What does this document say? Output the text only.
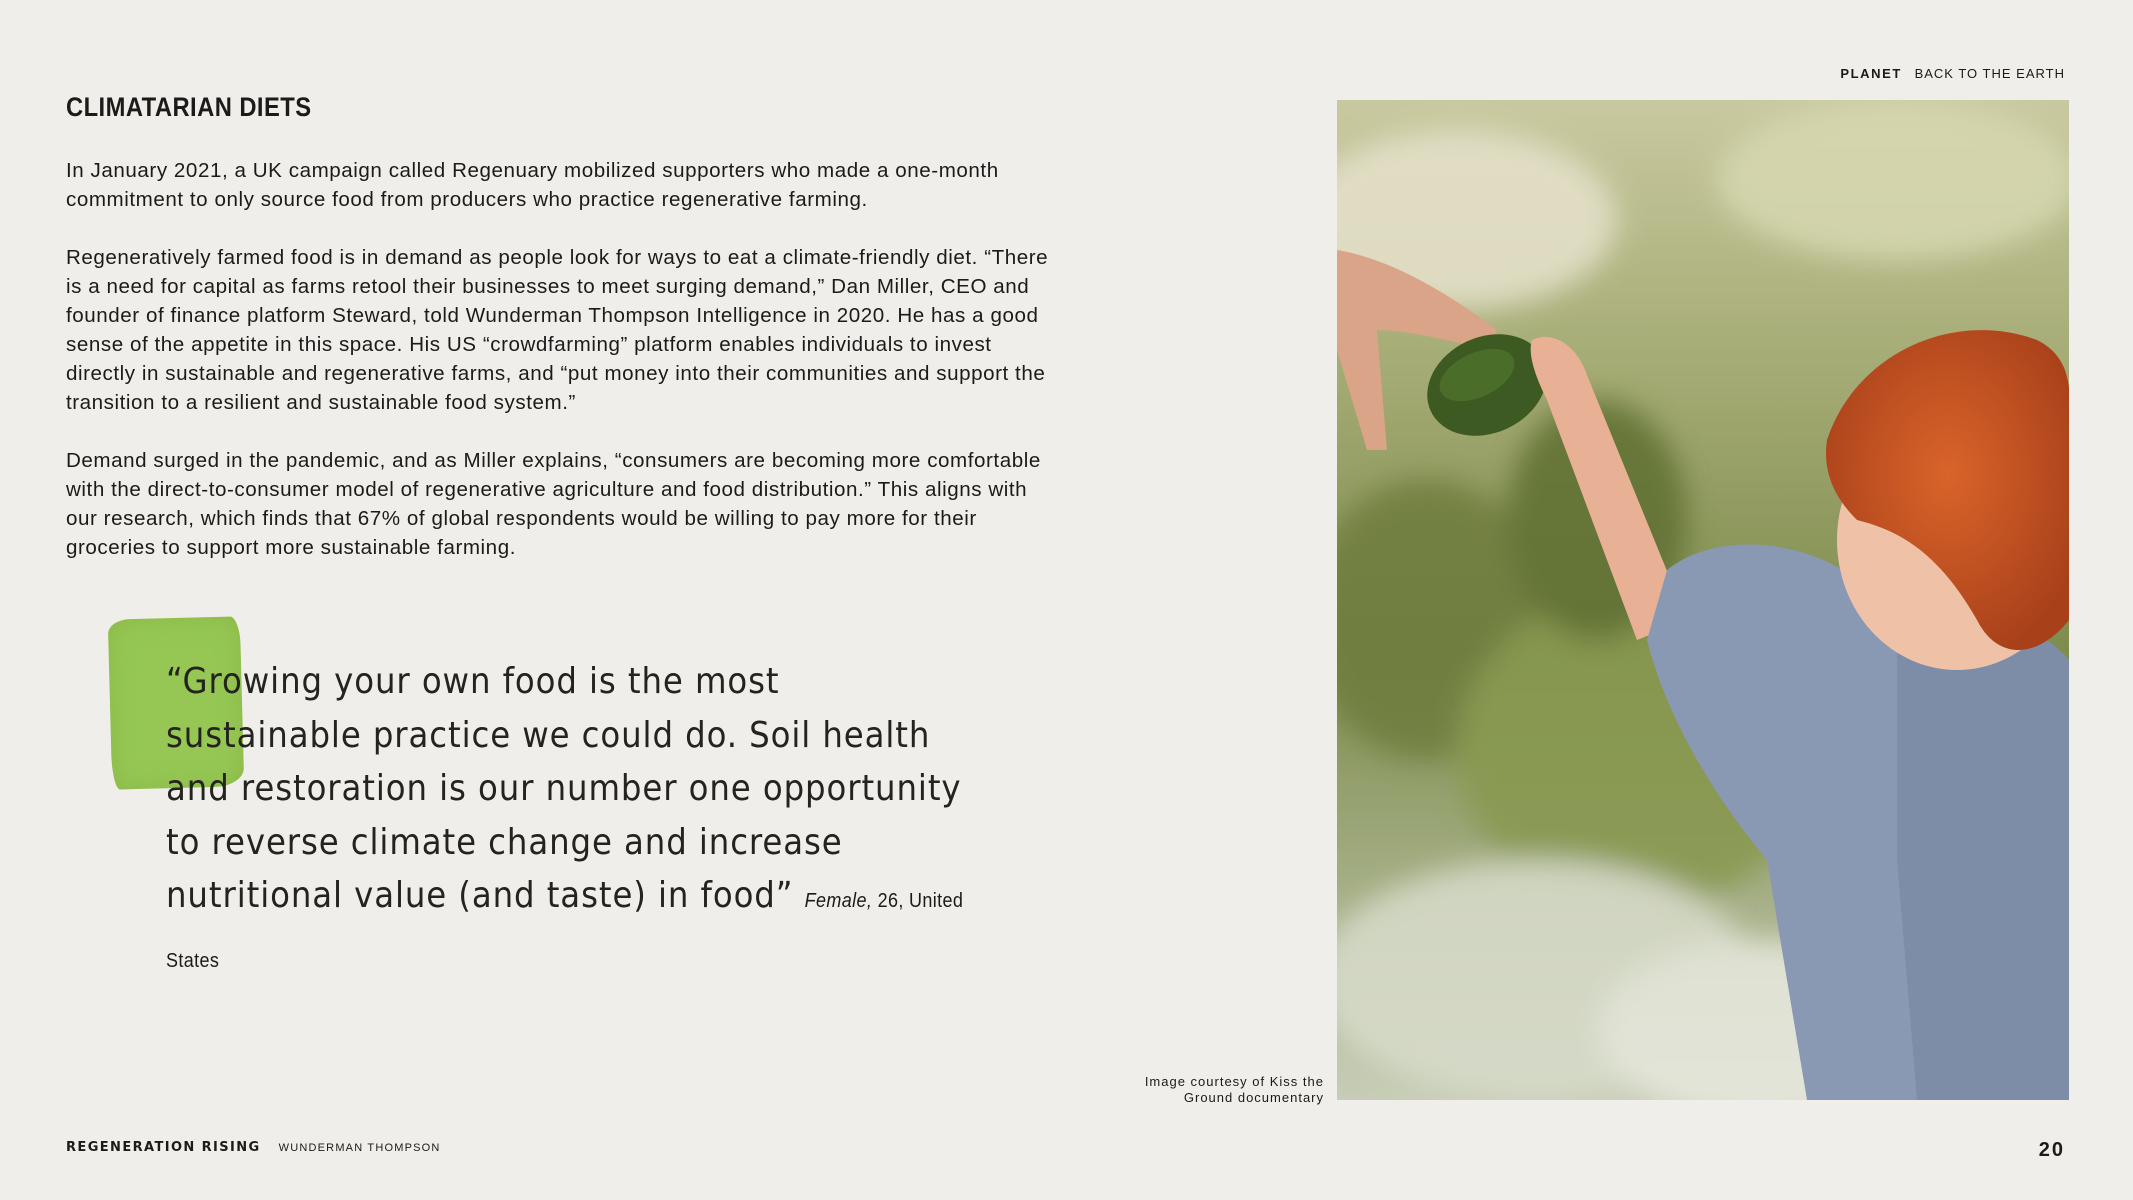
PLANET BACK TO THE EARTH
CLIMATARIAN DIETS

In January 2021, a UK campaign called Regenuary mobilized supporters who made a one-month commitment to only source food from producers who practice regenerative farming.

Regeneratively farmed food is in demand as people look for ways to eat a climate-friendly diet. “There is a need for capital as farms retool their businesses to meet surging demand,” Dan Miller, CEO and founder of finance platform Steward, told Wunderman Thompson Intelligence in 2020. He has a good sense of the appetite in this space. His US “crowdfarming” platform enables individuals to invest directly in sustainable and regenerative farms, and “put money into their communities and support the transition to a resilient and sustainable food system.”

Demand surged in the pandemic, and as Miller explains, “consumers are becoming more comfortable with the direct-to-consumer model of regenerative agriculture and food distribution.” This aligns with our research, which finds that 67% of global respondents would be willing to pay more for their groceries to support more sustainable farming.

“Growing your own food is the most sustainable practice we could do. Soil health and restoration is our number one opportunity to reverse climate change and increase nutritional value (and taste) in food” Female, 26, United States

Image courtesy of Kiss the Ground documentary
REGENERATION RISING WUNDERMAN THOMPSON	20
